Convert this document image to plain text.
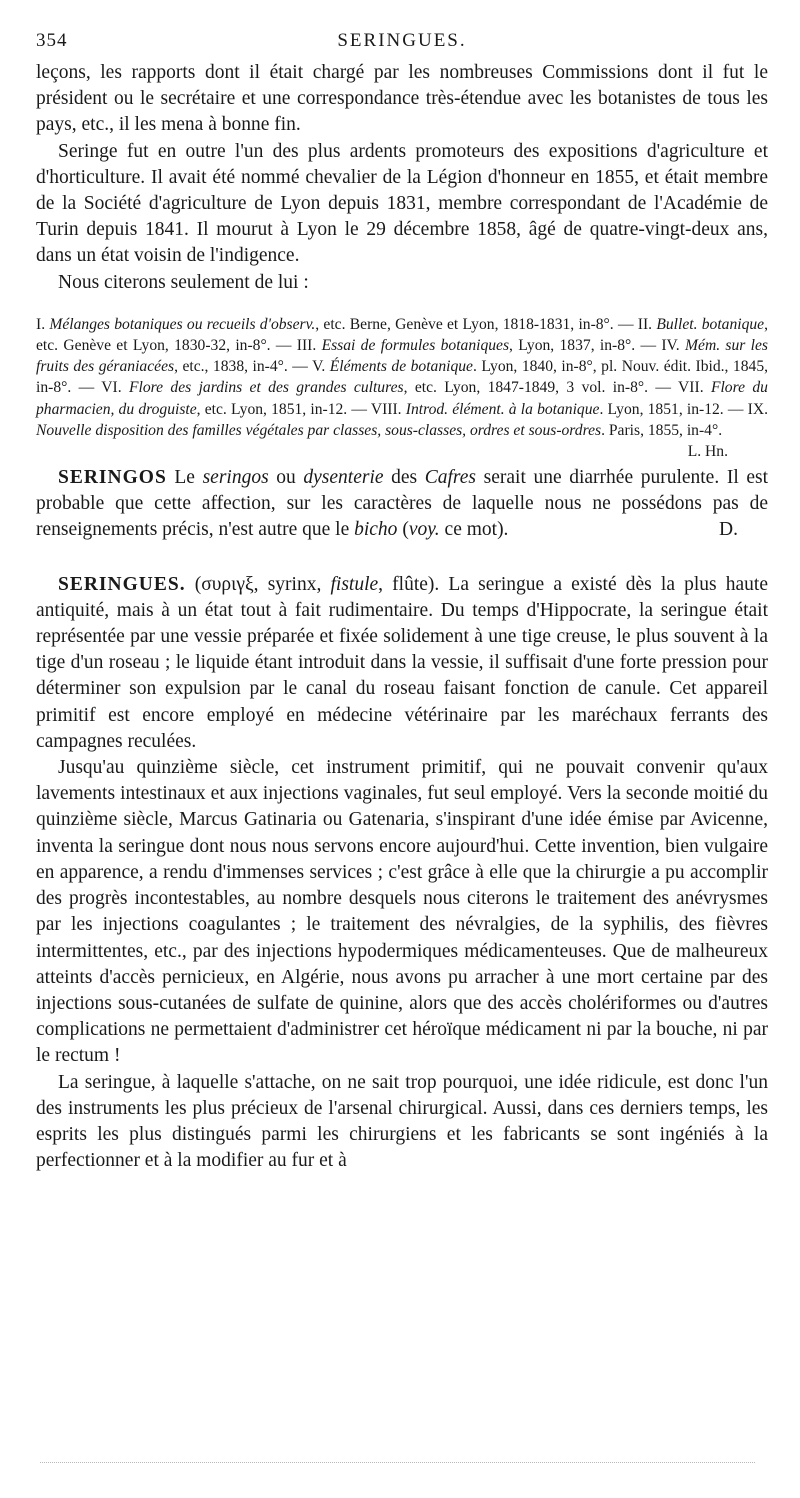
354	SERINGUES.

leçons, les rapports dont il était chargé par les nombreuses Commissions dont il fut le président ou le secrétaire et une correspondance très-étendue avec les botanistes de tous les pays, etc., il les mena à bonne fin.

Seringe fut en outre l'un des plus ardents promoteurs des expositions d'agriculture et d'horticulture. Il avait été nommé chevalier de la Légion d'honneur en 1855, et était membre de la Société d'agriculture de Lyon depuis 1831, membre correspondant de l'Académie de Turin depuis 1841. Il mourut à Lyon le 29 décembre 1858, âgé de quatre-vingt-deux ans, dans un état voisin de l'indigence.

Nous citerons seulement de lui :

I. Mélanges botaniques ou recueils d'observ., etc. Berne, Genève et Lyon, 1818-1831, in-8°. — II. Bullet. botanique, etc. Genève et Lyon, 1830-32, in-8°. — III. Essai de formules botaniques, Lyon, 1837, in-8°. — IV. Mém. sur les fruits des géraniacées, etc., 1838, in-4°. — V. Éléments de botanique. Lyon, 1840, in-8°, pl. Nouv. édit. Ibid., 1845, in-8°. — VI. Flore des jardins et des grandes cultures, etc. Lyon, 1847-1849, 3 vol. in-8°. — VII. Flore du pharmacien, du droguiste, etc. Lyon, 1851, in-12. — VIII. Introd. élément. à la botanique. Lyon, 1851, in-12. — IX. Nouvelle disposition des familles végétales par classes, sous-classes, ordres et sous-ordres. Paris, 1855, in-4°.
L. Hn.

SERINGOS Le seringos ou dysenterie des Cafres serait une diarrhée purulente. Il est probable que cette affection, sur les caractères de laquelle nous ne possédons pas de renseignements précis, n'est autre que le bicho (voy. ce mot).	D.

SERINGUES. (συριγξ, syrinx, fistule, flûte). La seringue a existé dès la plus haute antiquité, mais à un état tout à fait rudimentaire. Du temps d'Hippocrate, la seringue était représentée par une vessie préparée et fixée solidement à une tige creuse, le plus souvent à la tige d'un roseau ; le liquide étant introduit dans la vessie, il suffisait d'une forte pression pour déterminer son expulsion par le canal du roseau faisant fonction de canule. Cet appareil primitif est encore employé en médecine vétérinaire par les maréchaux ferrants des campagnes reculées.

Jusqu'au quinzième siècle, cet instrument primitif, qui ne pouvait convenir qu'aux lavements intestinaux et aux injections vaginales, fut seul employé. Vers la seconde moitié du quinzième siècle, Marcus Gatinaria ou Gatenaria, s'inspirant d'une idée émise par Avicenne, inventa la seringue dont nous nous servons encore aujourd'hui. Cette invention, bien vulgaire en apparence, a rendu d'immenses services ; c'est grâce à elle que la chirurgie a pu accomplir des progrès incontestables, au nombre desquels nous citerons le traitement des anévrysmes par les injections coagulantes ; le traitement des névralgies, de la syphilis, des fièvres intermittentes, etc., par des injections hypodermiques médicamenteuses. Que de malheureux atteints d'accès pernicieux, en Algérie, nous avons pu arracher à une mort certaine par des injections sous-cutanées de sulfate de quinine, alors que des accès cholériformes ou d'autres complications ne permettaient d'administrer cet héroïque médicament ni par la bouche, ni par le rectum !

La seringue, à laquelle s'attache, on ne sait trop pourquoi, une idée ridicule, est donc l'un des instruments les plus précieux de l'arsenal chirurgical. Aussi, dans ces derniers temps, les esprits les plus distingués parmi les chirurgiens et les fabricants se sont ingéniés à la perfectionner et à la modifier au fur et à
